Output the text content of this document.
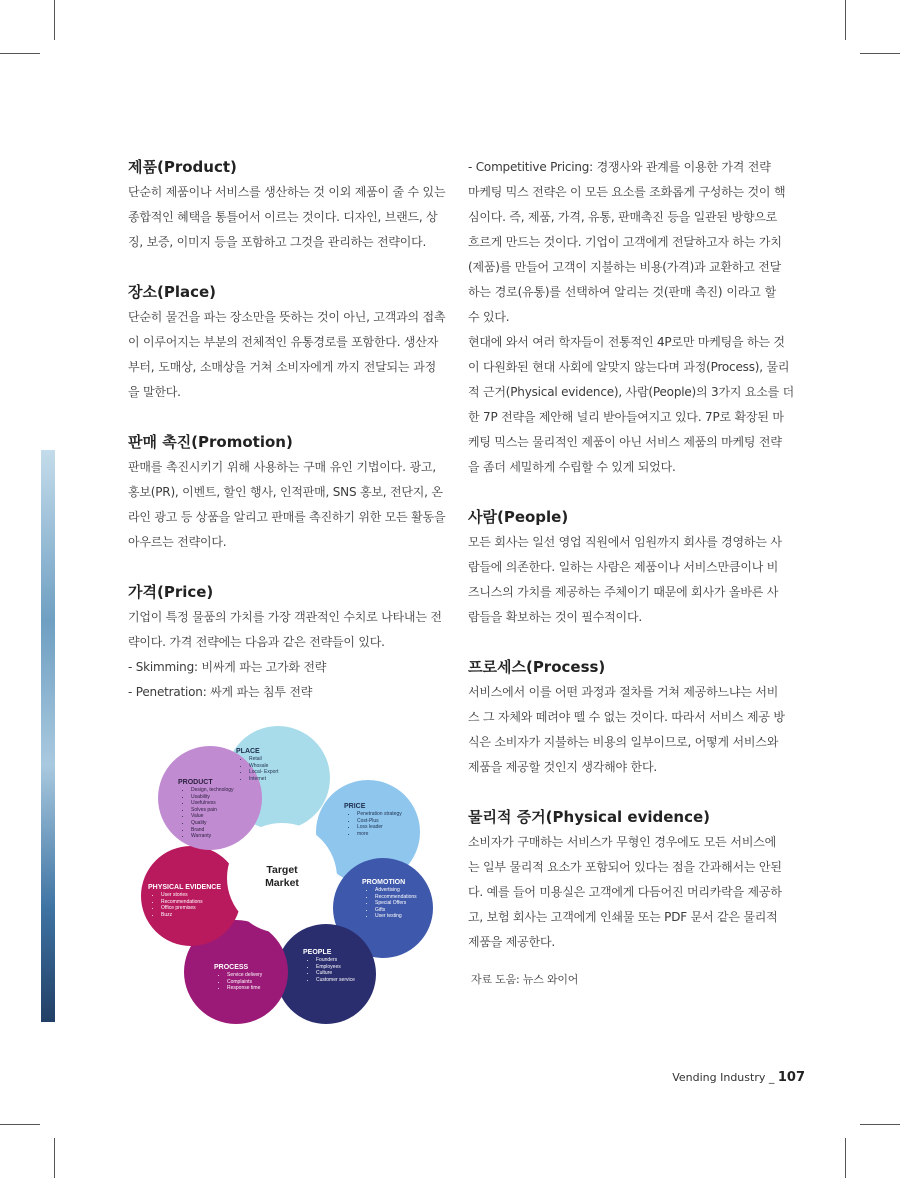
제품(Product)
단순히 제품이나 서비스를 생산하는 것 이외 제품이 줄 수 있는
종합적인 혜택을 통틀어서 이르는 것이다. 디자인, 브랜드, 상
징, 보증, 이미지 등을 포함하고 그것을 관리하는 전략이다.
장소(Place)
단순히 물건을 파는 장소만을 뜻하는 것이 아닌, 고객과의 접촉
이 이루어지는 부분의 전체적인 유통경로를 포함한다. 생산자
부터, 도매상, 소매상을 거쳐 소비자에게 까지 전달되는 과정
을 말한다.
판매 촉진(Promotion)
판매를 촉진시키기 위해 사용하는 구매 유인 기법이다. 광고,
홍보(PR), 이벤트, 할인 행사, 인적판매, SNS 홍보, 전단지, 온
라인 광고 등 상품을 알리고 판매를 촉진하기 위한 모든 활동을
아우르는 전략이다.
가격(Price)
기업이 특정 물품의 가치를 가장 객관적인 수치로 나타내는 전
략이다. 가격 전략에는 다음과 같은 전략들이 있다.
- Skimming: 비싸게 파는 고가화 전략
- Penetration: 싸게 파는 침투 전략
Target
Market
PLACE
• Retail
• Whosale
• Local- Export
• Internet
PRICE
• Penetration strategy
• Cost-Plus
• Loss leader
• more
PROMOTION
• Advertising
• Recommendations
• Special Offers
• Gifts
• User testing
PEOPLE
• Founders
• Employees
• Culture
• Customer service
PROCESS
• Service delivery
• Complaints
• Response time
PHYSICAL EVIDENCE
• User stories
• Recommendations
• Office premises
• Buzz
PRODUCT
• Design, technology
• Usability
• Usefulness
• Solves pain
• Value
• Quality
• Brand
• Warranty
- Competitive Pricing: 경쟁사와 관계를 이용한 가격 전략
마케팅 믹스 전략은 이 모든 요소를 조화롭게 구성하는 것이 핵
심이다. 즉, 제품, 가격, 유통, 판매촉진 등을 일관된 방향으로
흐르게 만드는 것이다. 기업이 고객에게 전달하고자 하는 가치
(제품)를 만들어 고객이 지불하는 비용(가격)과 교환하고 전달
하는 경로(유통)를 선택하여 알리는 것(판매 촉진) 이라고 할
수 있다.
현대에 와서 여러 학자들이 전통적인 4P로만 마케팅을 하는 것
이 다원화된 현대 사회에 알맞지 않는다며 과정(Process), 물리
적 근거(Physical evidence), 사람(People)의 3가지 요소를 더
한 7P 전략을 제안해 널리 받아들여지고 있다. 7P로 확장된 마
케팅 믹스는 물리적인 제품이 아닌 서비스 제품의 마케팅 전략
을 좀더 세밀하게 수립할 수 있게 되었다.
사람(People)
모든 회사는 일선 영업 직원에서 임원까지 회사를 경영하는 사
람들에 의존한다. 일하는 사람은 제품이나 서비스만큼이나 비
즈니스의 가치를 제공하는 주체이기 때문에 회사가 올바른 사
람들을 확보하는 것이 필수적이다.
프로세스(Process)
서비스에서 이를 어떤 과정과 절차를 거쳐 제공하느냐는 서비
스 그 자체와 떼려야 뗄 수 없는 것이다. 따라서 서비스 제공 방
식은 소비자가 지불하는 비용의 일부이므로, 어떻게 서비스와
제품을 제공할 것인지 생각해야 한다.
물리적 증거(Physical evidence)
소비자가 구매하는 서비스가 무형인 경우에도 모든 서비스에
는 일부 물리적 요소가 포함되어 있다는 점을 간과해서는 안된
다. 예를 들어 미용실은 고객에게 다듬어진 머리카락을 제공하
고, 보험 회사는 고객에게 인쇄물 또는 PDF 문서 같은 물리적
제품을 제공한다.
자료 도움: 뉴스 와이어
Vending Industry _ 107
